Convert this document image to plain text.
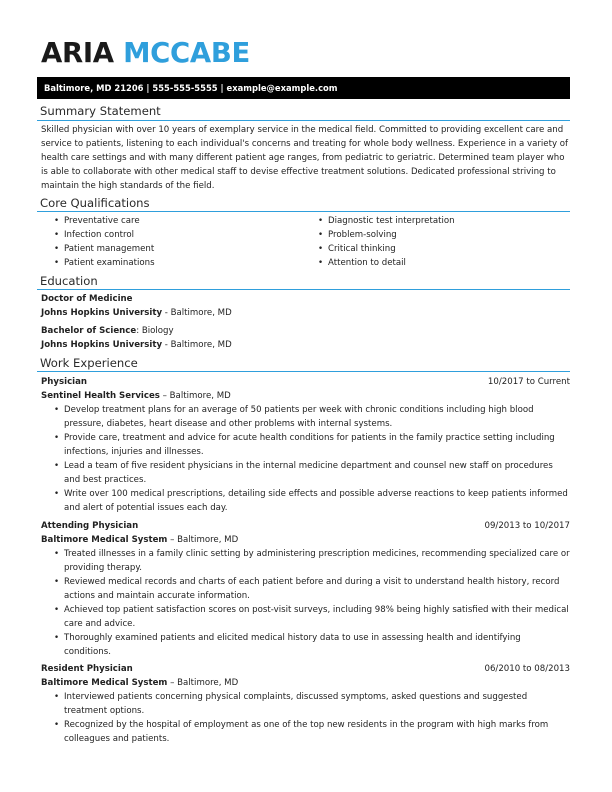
ARIA MCCABE
Baltimore, MD 21206 | 555-555-5555 | example@example.com
Summary Statement

Skilled physician with over 10 years of exemplary service in the medical field. Committed to providing excellent care and service to patients, listening to each individual's concerns and treating for whole body wellness. Experience in a variety of health care settings and with many different patient age ranges, from pediatric to geriatric. Determined team player who is able to collaborate with other medical staff to devise effective treatment solutions. Dedicated professional striving to maintain the high standards of the field.

Core Qualifications
• Preventative care
• Infection control
• Patient management
• Patient examinations
• Diagnostic test interpretation
• Problem-solving
• Critical thinking
• Attention to detail
Education
Doctor of Medicine
Johns Hopkins University - Baltimore, MD
Bachelor of Science: Biology
Johns Hopkins University - Baltimore, MD
Work Experience
Physician	10/2017 to Current
Sentinel Health Services – Baltimore, MD
• Develop treatment plans for an average of 50 patients per week with chronic conditions including high blood pressure, diabetes, heart disease and other problems with internal systems.
• Provide care, treatment and advice for acute health conditions for patients in the family practice setting including infections, injuries and illnesses.
• Lead a team of five resident physicians in the internal medicine department and counsel new staff on procedures and best practices.
• Write over 100 medical prescriptions, detailing side effects and possible adverse reactions to keep patients informed and alert of potential issues each day.
Attending Physician	09/2013 to 10/2017
Baltimore Medical System – Baltimore, MD
• Treated illnesses in a family clinic setting by administering prescription medicines, recommending specialized care or providing therapy.
• Reviewed medical records and charts of each patient before and during a visit to understand health history, record actions and maintain accurate information.
• Achieved top patient satisfaction scores on post-visit surveys, including 98% being highly satisfied with their medical care and advice.
• Thoroughly examined patients and elicited medical history data to use in assessing health and identifying conditions.
Resident Physician	06/2010 to 08/2013
Baltimore Medical System – Baltimore, MD
• Interviewed patients concerning physical complaints, discussed symptoms, asked questions and suggested treatment options.
• Recognized by the hospital of employment as one of the top new residents in the program with high marks from colleagues and patients.
